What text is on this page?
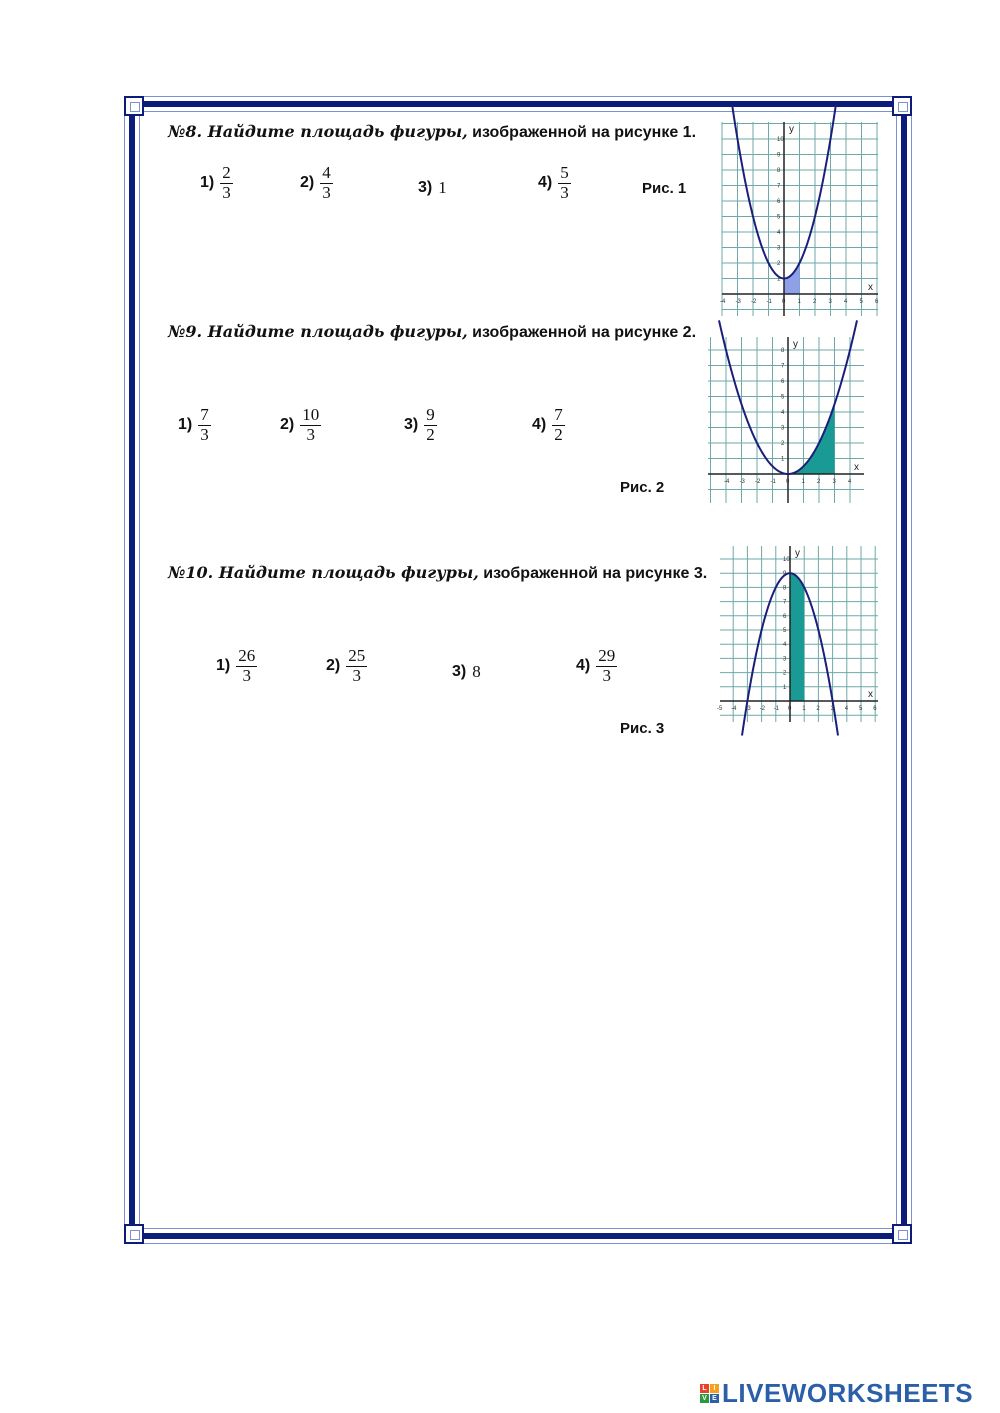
№8. Найдите площадь фигуры, изображенной на рисунке 1.
$1) \frac{2}{3}$	$2) \frac{4}{3}$	3) 1	$4) \frac{5}{3}$	Рис. 1
№9. Найдите площадь фигуры, изображенной на рисунке 2.
$1) \frac{7}{3}$	$2) \frac{10}{3}$	$3) \frac{9}{2}$	$4) \frac{7}{2}$
Рис. 2
№10. Найдите площадь фигуры, изображенной на рисунке 3.
$1) \frac{26}{3}$	$2) \frac{25}{3}$	3) 8	$4) \frac{29}{3}$
Рис. 3
-4 -3 -2 -1 0 1 2 3 4 5 6
1
2
3
4
5
6
7
8
9
10
x
y
-4 -3 -2 -1 0 1 2 3 4
1
2
3
4
5
6
7
8
x
y
-5 -4 -3 -2 -1 0 1 2 3 4 5 6
1
2
3
4
5
6
7
8
9
10
x
y
L I
V E LIVEWORKSHEETS
